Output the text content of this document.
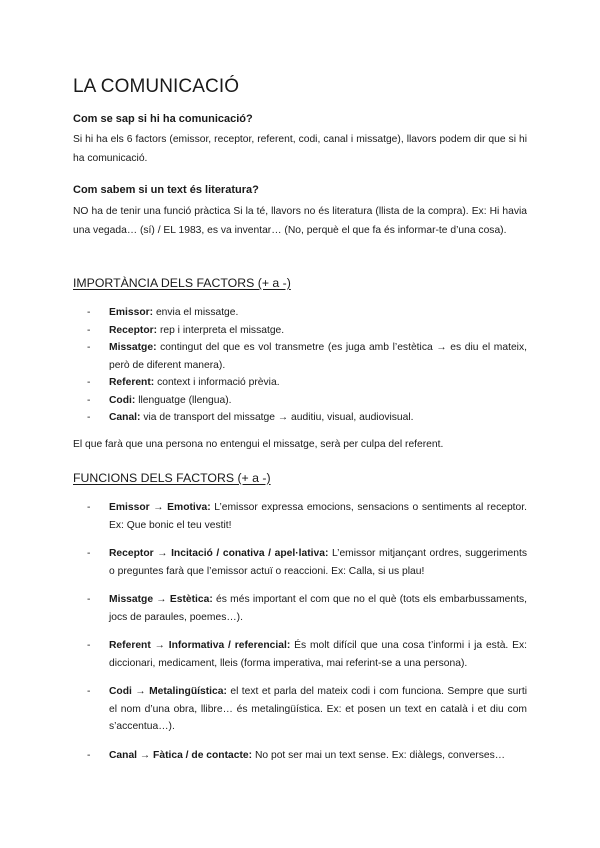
LA COMUNICACIÓ
Com se sap si hi ha comunicació?

Si hi ha els 6 factors (emissor, receptor, referent, codi, canal i missatge), llavors podem dir que si hi ha comunicació.

Com sabem si un text és literatura?

NO ha de tenir una funció pràctica Si la té, llavors no és literatura (llista de la compra). Ex: Hi havia una vegada… (sí) / EL 1983, es va inventar… (No, perquè el que fa és informar-te d’una cosa).

IMPORTÀNCIA DELS FACTORS (+ a -)
- Emissor: envia el missatge.
- Receptor: rep i interpreta el missatge.
- Missatge: contingut del que es vol transmetre (es juga amb l’estètica → es diu el mateix, però de diferent manera).
- Referent: context i informació prèvia.
- Codi: llenguatge (llengua).
- Canal: via de transport del missatge → auditiu, visual, audiovisual.

El que farà que una persona no entengui el missatge, serà per culpa del referent.

FUNCIONS DELS FACTORS (+ a -)
- Emissor → Emotiva: L’emissor expressa emocions, sensacions o sentiments al receptor. Ex: Que bonic el teu vestit!
- Receptor → Incitació / conativa / apel·lativa: L’emissor mitjançant ordres, suggeriments o preguntes farà que l’emissor actuï o reaccioni. Ex: Calla, si us plau!
- Missatge → Estètica: és més important el com que no el què (tots els embarbussaments, jocs de paraules, poemes…).
- Referent → Informativa / referencial: És molt difícil que una cosa t’informi i ja està. Ex: diccionari, medicament, lleis (forma imperativa, mai referint-se a una persona).
- Codi → Metalingüística: el text et parla del mateix codi i com funciona. Sempre que surti el nom d’una obra, llibre… és metalingüística. Ex: et posen un text en català i et diu com s’accentua…).
- Canal → Fàtica / de contacte: No pot ser mai un text sense. Ex: diàlegs, converses…
